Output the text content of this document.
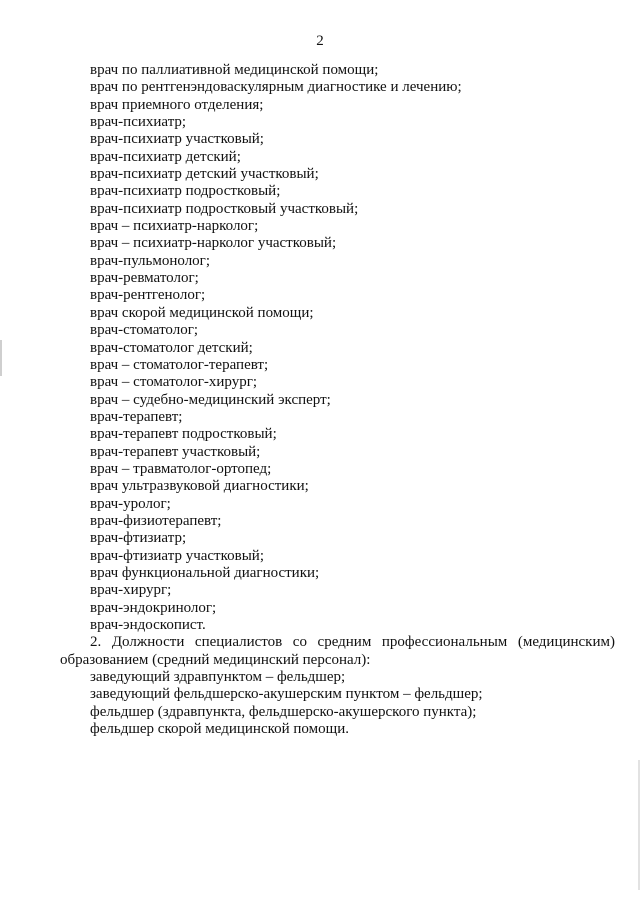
2
врач по паллиативной медицинской помощи;
врач по рентгенэндоваскулярным диагностике и лечению;
врач приемного отделения;
врач-психиатр;
врач-психиатр участковый;
врач-психиатр детский;
врач-психиатр детский участковый;
врач-психиатр подростковый;
врач-психиатр подростковый участковый;
врач – психиатр-нарколог;
врач – психиатр-нарколог участковый;
врач-пульмонолог;
врач-ревматолог;
врач-рентгенолог;
врач скорой медицинской помощи;
врач-стоматолог;
врач-стоматолог детский;
врач – стоматолог-терапевт;
врач – стоматолог-хирург;
врач – судебно-медицинский эксперт;
врач-терапевт;
врач-терапевт подростковый;
врач-терапевт участковый;
врач – травматолог-ортопед;
врач ультразвуковой диагностики;
врач-уролог;
врач-физиотерапевт;
врач-фтизиатр;
врач-фтизиатр участковый;
врач функциональной диагностики;
врач-хирург;
врач-эндокринолог;
врач-эндоскопист.
2. Должности специалистов со средним профессиональным (медицинским)
образованием (средний медицинский персонал):
заведующий здравпунктом – фельдшер;
заведующий фельдшерско-акушерским пунктом – фельдшер;
фельдшер (здравпункта, фельдшерско-акушерского пункта);
фельдшер скорой медицинской помощи.
